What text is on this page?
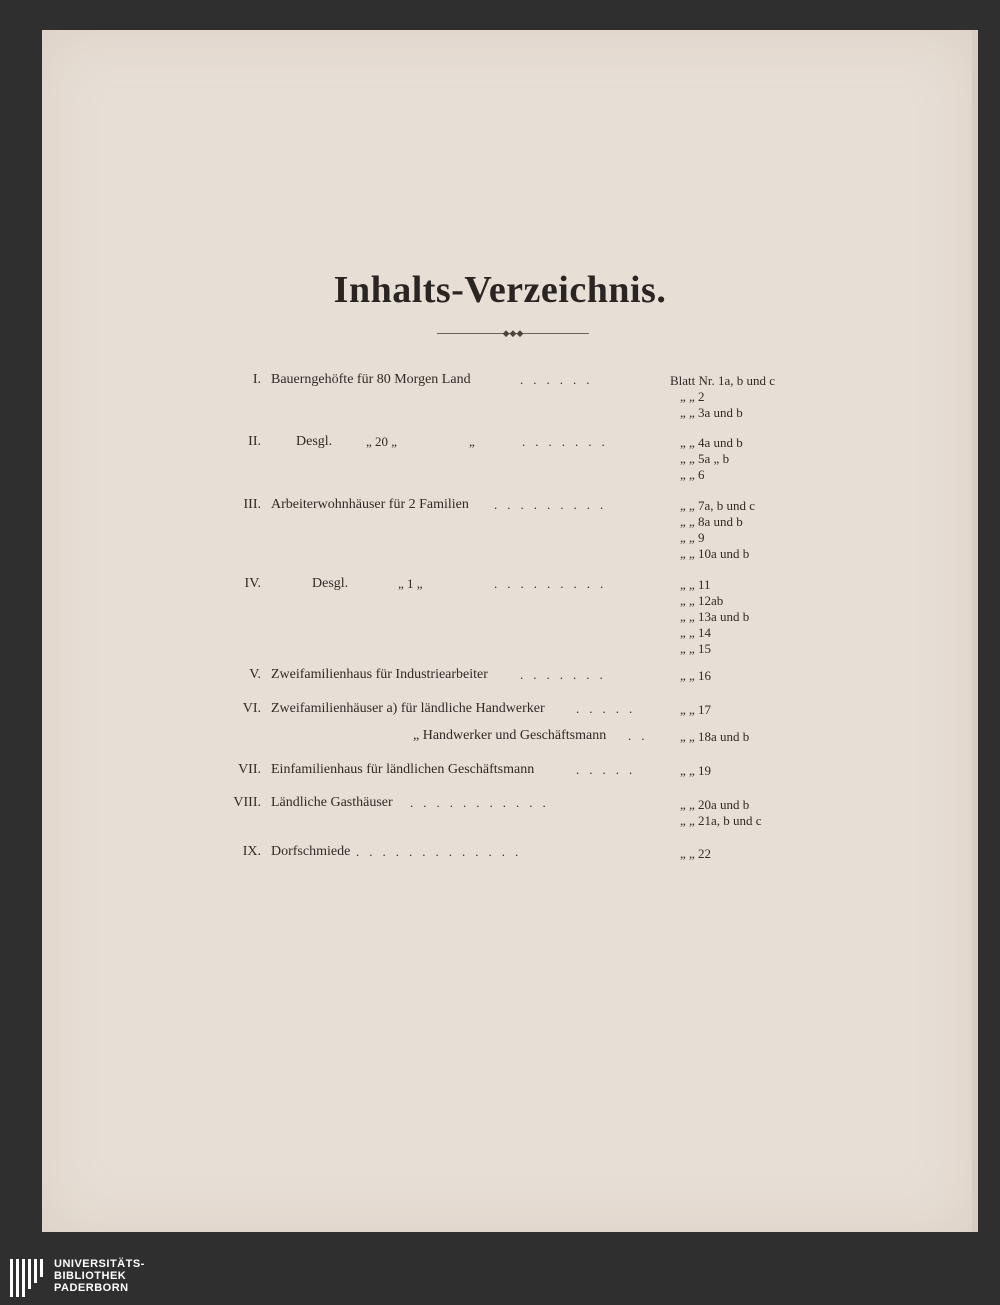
Inhalts-Verzeichnis.
◆◆◆
I. Bauerngehöfte für 80 Morgen Land	......	Blatt Nr. 1a, b und c
„ „ 2
„ „ 3a und b
II.	Desgl.	„ 20 „	„	.......	„ „ 4a und b
„ „ 5a „ b
„ „ 6
III. Arbeiterwohnhäuser für 2 Familien .........	„ „ 7a, b und c
„ „ 8a und b
„ „ 9
„ „ 10a und b
IV.	Desgl.	„ 1 „	.........	„ „ 11
„ „ 12ab
„ „ 13a und b
„ „ 14
„ „ 15
V. Zweifamilienhaus für Industriearbeiter .......	„ „ 16
VI. Zweifamilienhäuser a) für ländliche Handwerker .....	„ „ 17
„ Handwerker und Geschäftsmann .. „ „ 18a und b
VII. Einfamilienhaus für ländlichen Geschäftsmann	.....	„ „ 19
VIII. Ländliche Gasthäuser ...........	„ „ 20a und b
„ „ 21a, b und c
IX. Dorfschmiede .............	„ „ 22
UNIVERSITÄTS-
BIBLIOTHEK
PADERBORN
